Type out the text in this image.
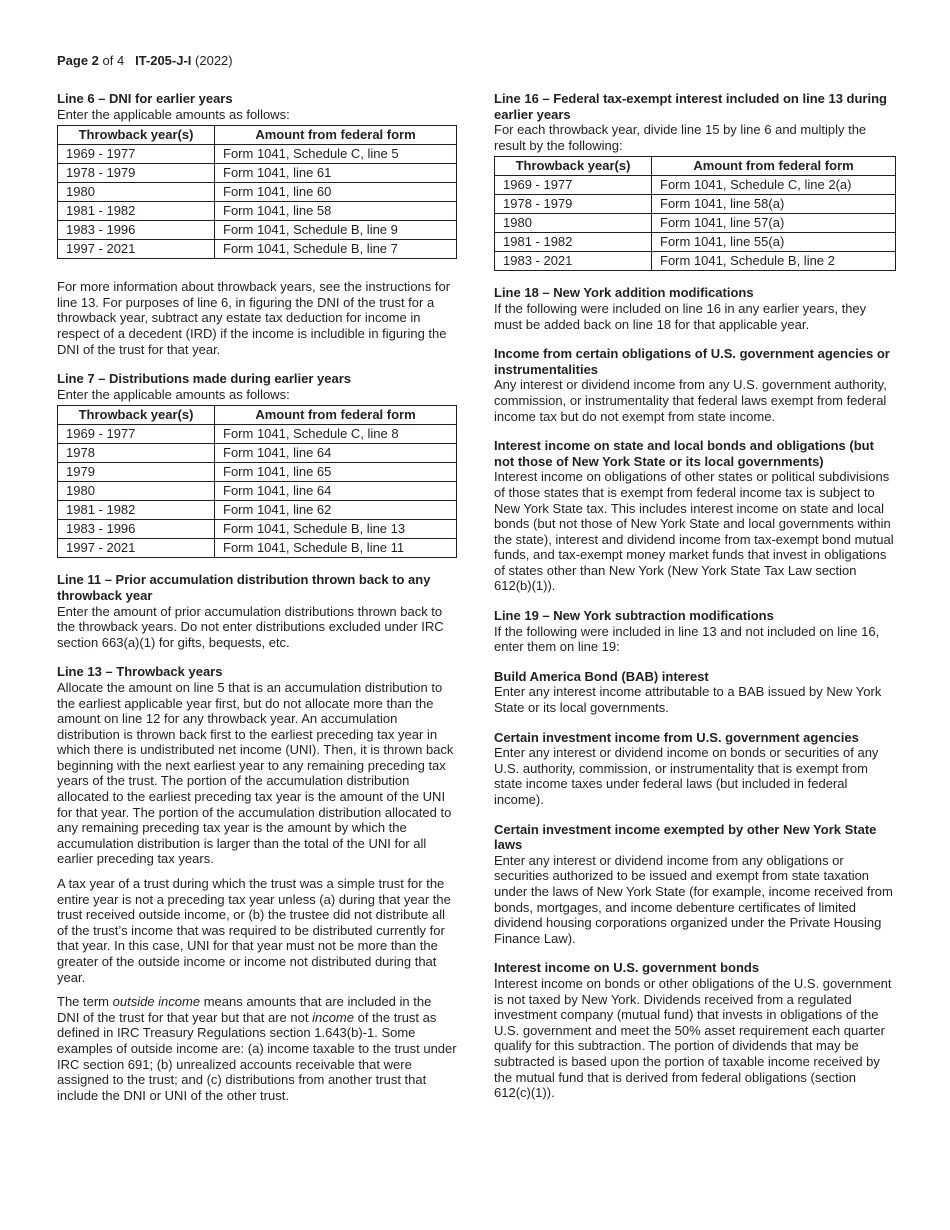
Page 2 of 4 IT-205-J-I (2022)

Line 6 – DNI for earlier years

Enter the applicable amounts as follows:

Throwback year(s)	Amount from federal form
1969 - 1977	Form 1041, Schedule C, line 5
1978 - 1979	Form 1041, line 61
1980	Form 1041, line 60
1981 - 1982	Form 1041, line 58
1983 - 1996	Form 1041, Schedule B, line 9
1997 - 2021	Form 1041, Schedule B, line 7

For more information about throwback years, see the instructions for line 13. For purposes of line 6, in figuring the DNI of the trust for a throwback year, subtract any estate tax deduction for income in respect of a decedent (IRD) if the income is includible in figuring the DNI of the trust for that year.

Line 7 – Distributions made during earlier years

Enter the applicable amounts as follows:

Throwback year(s)	Amount from federal form
1969 - 1977	Form 1041, Schedule C, line 8
1978	Form 1041, line 64
1979	Form 1041, line 65
1980	Form 1041, line 64
1981 - 1982	Form 1041, line 62
1983 - 1996	Form 1041, Schedule B, line 13
1997 - 2021	Form 1041, Schedule B, line 11

Line 11 – Prior accumulation distribution thrown back to any throwback year

Enter the amount of prior accumulation distributions thrown back to the throwback years. Do not enter distributions excluded under IRC section 663(a)(1) for gifts, bequests, etc.

Line 13 – Throwback years

Allocate the amount on line 5 that is an accumulation distribution to the earliest applicable year first, but do not allocate more than the amount on line 12 for any throwback year. An accumulation distribution is thrown back first to the earliest preceding tax year in which there is undistributed net income (UNI). Then, it is thrown back beginning with the next earliest year to any remaining preceding tax years of the trust. The portion of the accumulation distribution allocated to the earliest preceding tax year is the amount of the UNI for that year. The portion of the accumulation distribution allocated to any remaining preceding tax year is the amount by which the accumulation distribution is larger than the total of the UNI for all earlier preceding tax years.

A tax year of a trust during which the trust was a simple trust for the entire year is not a preceding tax year unless (a) during that year the trust received outside income, or (b) the trustee did not distribute all of the trust’s income that was required to be distributed currently for that year. In this case, UNI for that year must not be more than the greater of the outside income or income not distributed during that year.

The term outside income means amounts that are included in the DNI of the trust for that year but that are not income of the trust as defined in IRC Treasury Regulations section 1.643(b)-1. Some examples of outside income are: (a) income taxable to the trust under IRC section 691; (b) unrealized accounts receivable that were assigned to the trust; and (c) distributions from another trust that include the DNI or UNI of the other trust.

Line 16 – Federal tax-exempt interest included on line 13 during earlier years

For each throwback year, divide line 15 by line 6 and multiply the result by the following:

Throwback year(s)	Amount from federal form
1969 - 1977	Form 1041, Schedule C, line 2(a)
1978 - 1979	Form 1041, line 58(a)
1980	Form 1041, line 57(a)
1981 - 1982	Form 1041, line 55(a)
1983 - 2021	Form 1041, Schedule B, line 2

Line 18 – New York addition modifications

If the following were included on line 16 in any earlier years, they must be added back on line 18 for that applicable year.

Income from certain obligations of U.S. government agencies or instrumentalities

Any interest or dividend income from any U.S. government authority, commission, or instrumentality that federal laws exempt from federal income tax but do not exempt from state income.

Interest income on state and local bonds and obligations (but not those of New York State or its local governments)

Interest income on obligations of other states or political subdivisions of those states that is exempt from federal income tax is subject to New York State tax. This includes interest income on state and local bonds (but not those of New York State and local governments within the state), interest and dividend income from tax-exempt bond mutual funds, and tax-exempt money market funds that invest in obligations of states other than New York (New York State Tax Law section 612(b)(1)).

Line 19 – New York subtraction modifications

If the following were included in line 13 and not included on line 16, enter them on line 19:

Build America Bond (BAB) interest

Enter any interest income attributable to a BAB issued by New York State or its local governments.

Certain investment income from U.S. government agencies

Enter any interest or dividend income on bonds or securities of any U.S. authority, commission, or instrumentality that is exempt from state income taxes under federal laws (but included in federal income).

Certain investment income exempted by other New York State laws

Enter any interest or dividend income from any obligations or securities authorized to be issued and exempt from state taxation under the laws of New York State (for example, income received from bonds, mortgages, and income debenture certificates of limited dividend housing corporations organized under the Private Housing Finance Law).

Interest income on U.S. government bonds

Interest income on bonds or other obligations of the U.S. government is not taxed by New York. Dividends received from a regulated investment company (mutual fund) that invests in obligations of the U.S. government and meet the 50% asset requirement each quarter qualify for this subtraction. The portion of dividends that may be subtracted is based upon the portion of taxable income received by the mutual fund that is derived from federal obligations (section 612(c)(1)).
